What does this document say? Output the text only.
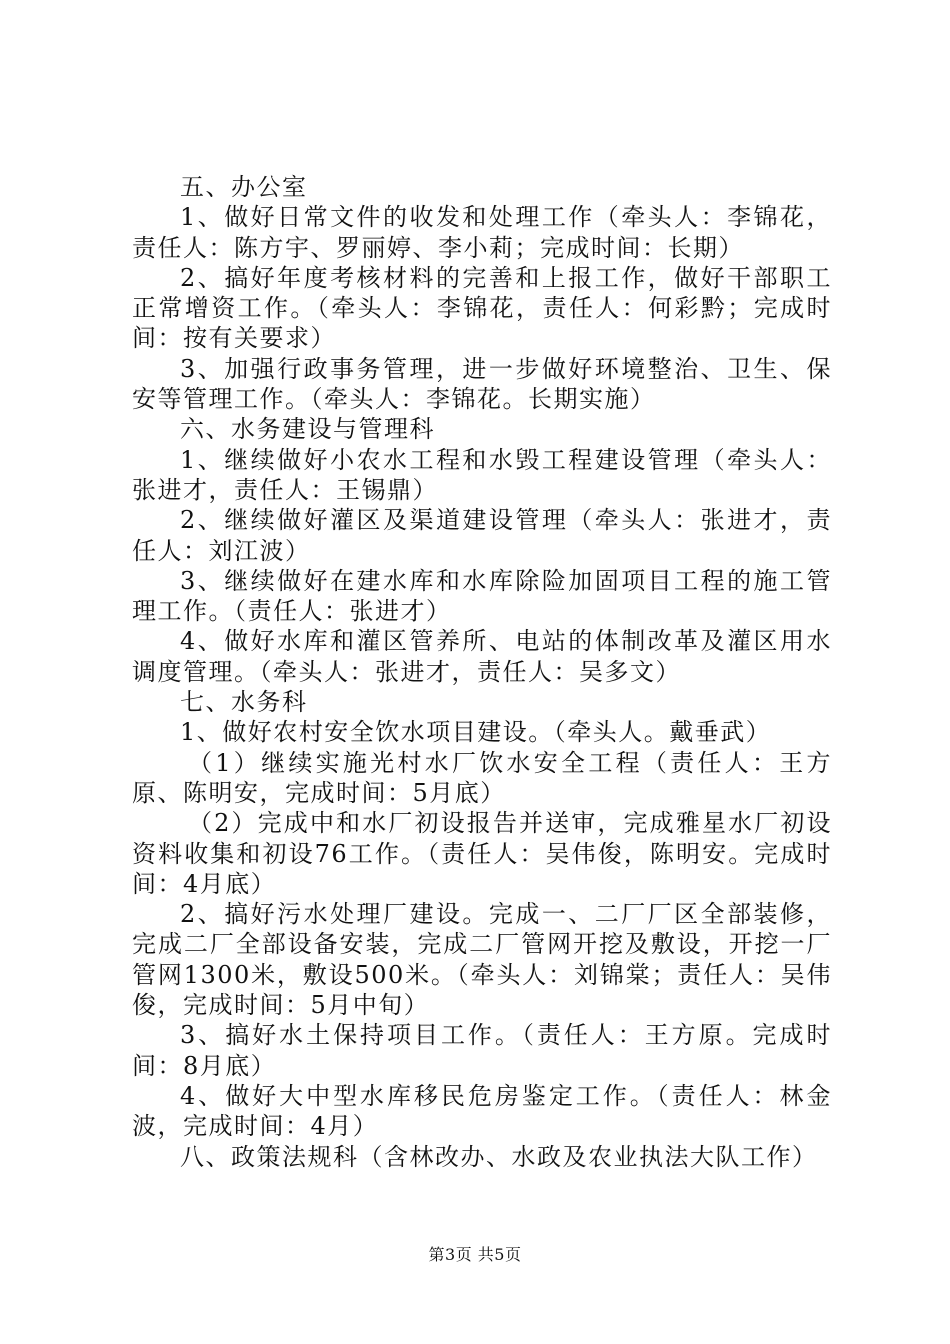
五、办公室

1、做好日常文件的收发和处理工作（牵头人：李锦花，责任人：陈方宇、罗丽婷、李小莉；完成时间：长期）

2、搞好年度考核材料的完善和上报工作，做好干部职工正常增资工作。（牵头人：李锦花，责任人：何彩黔；完成时间：按有关要求）

3、加强行政事务管理，进一步做好环境整治、卫生、保安等管理工作。（牵头人：李锦花。长期实施）

六、水务建设与管理科

1、继续做好小农水工程和水毁工程建设管理（牵头人：张进才，责任人：王锡鼎）

2、继续做好灌区及渠道建设管理（牵头人：张进才，责任人：刘江波）

3、继续做好在建水库和水库除险加固项目工程的施工管理工作。（责任人：张进才）

4、做好水库和灌区管养所、电站的体制改革及灌区用水调度管理。（牵头人：张进才，责任人：吴多文）

七、水务科

1、做好农村安全饮水项目建设。（牵头人。戴垂武）

（1）继续实施光村水厂饮水安全工程（责任人：王方原、陈明安，完成时间：5月底）

（2）完成中和水厂初设报告并送审，完成雅星水厂初设资料收集和初设76工作。（责任人：吴伟俊，陈明安。完成时间：4月底）

2、搞好污水处理厂建设。完成一、二厂厂区全部装修，完成二厂全部设备安装，完成二厂管网开挖及敷设，开挖一厂管网1300米，敷设500米。（牵头人：刘锦棠；责任人：吴伟俊，完成时间：5月中旬）

3、搞好水土保持项目工作。（责任人：王方原。完成时间：8月底）

4、做好大中型水库移民危房鉴定工作。（责任人：林金波，完成时间：4月）

八、政策法规科（含林改办、水政及农业执法大队工作）

第3页 共5页
